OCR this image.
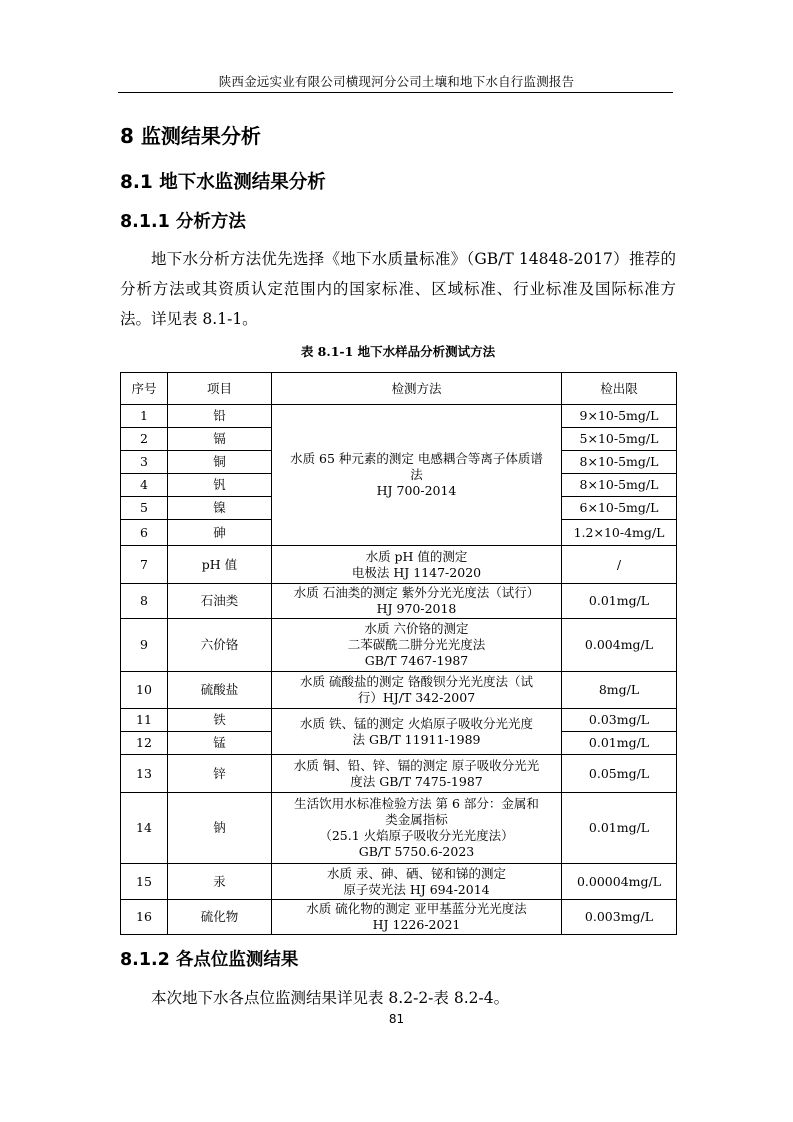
陕西金远实业有限公司横现河分公司土壤和地下水自行监测报告
8 监测结果分析
8.1 地下水监测结果分析
8.1.1 分析方法
地下水分析方法优先选择《地下水质量标准》（GB/T 14848-2017）推荐的分析方法或其资质认定范围内的国家标准、区域标准、行业标准及国际标准方法。详见表 8.1-1。
表 8.1-1 地下水样品分析测试方法
序号	项目	检测方法	检出限
1	铅	水质 65 种元素的测定 电感耦合等离子体质谱
法
HJ 700-2014	9×10-5mg/L
2	镉		5×10-5mg/L
3	铜		8×10-5mg/L
4	钒		8×10-5mg/L
5	镍		6×10-5mg/L
6	砷		1.2×10-4mg/L
7	pH 值	水质 pH 值的测定
电极法 HJ 1147-2020	/
8	石油类	水质 石油类的测定 紫外分光光度法（试行）
HJ 970-2018	0.01mg/L
9	六价铬	水质 六价铬的测定
二苯碳酰二肼分光光度法
GB/T 7467-1987	0.004mg/L
10	硫酸盐	水质 硫酸盐的测定 铬酸钡分光光度法（试
行）HJ/T 342-2007	8mg/L
11	铁	水质 铁、锰的测定 火焰原子吸收分光光度
法 GB/T 11911-1989	0.03mg/L
12	锰		0.01mg/L
13	锌	水质 铜、铅、锌、镉的测定 原子吸收分光光
度法 GB/T 7475-1987	0.05mg/L
14	钠	生活饮用水标准检验方法 第 6 部分：金属和
类金属指标
（25.1 火焰原子吸收分光光度法）
GB/T 5750.6-2023	0.01mg/L
15	汞	水质 汞、砷、硒、铋和锑的测定
原子荧光法 HJ 694-2014	0.00004mg/L
16	硫化物	水质 硫化物的测定 亚甲基蓝分光光度法
HJ 1226-2021	0.003mg/L
8.1.2 各点位监测结果
本次地下水各点位监测结果详见表 8.2-2-表 8.2-4。
81
